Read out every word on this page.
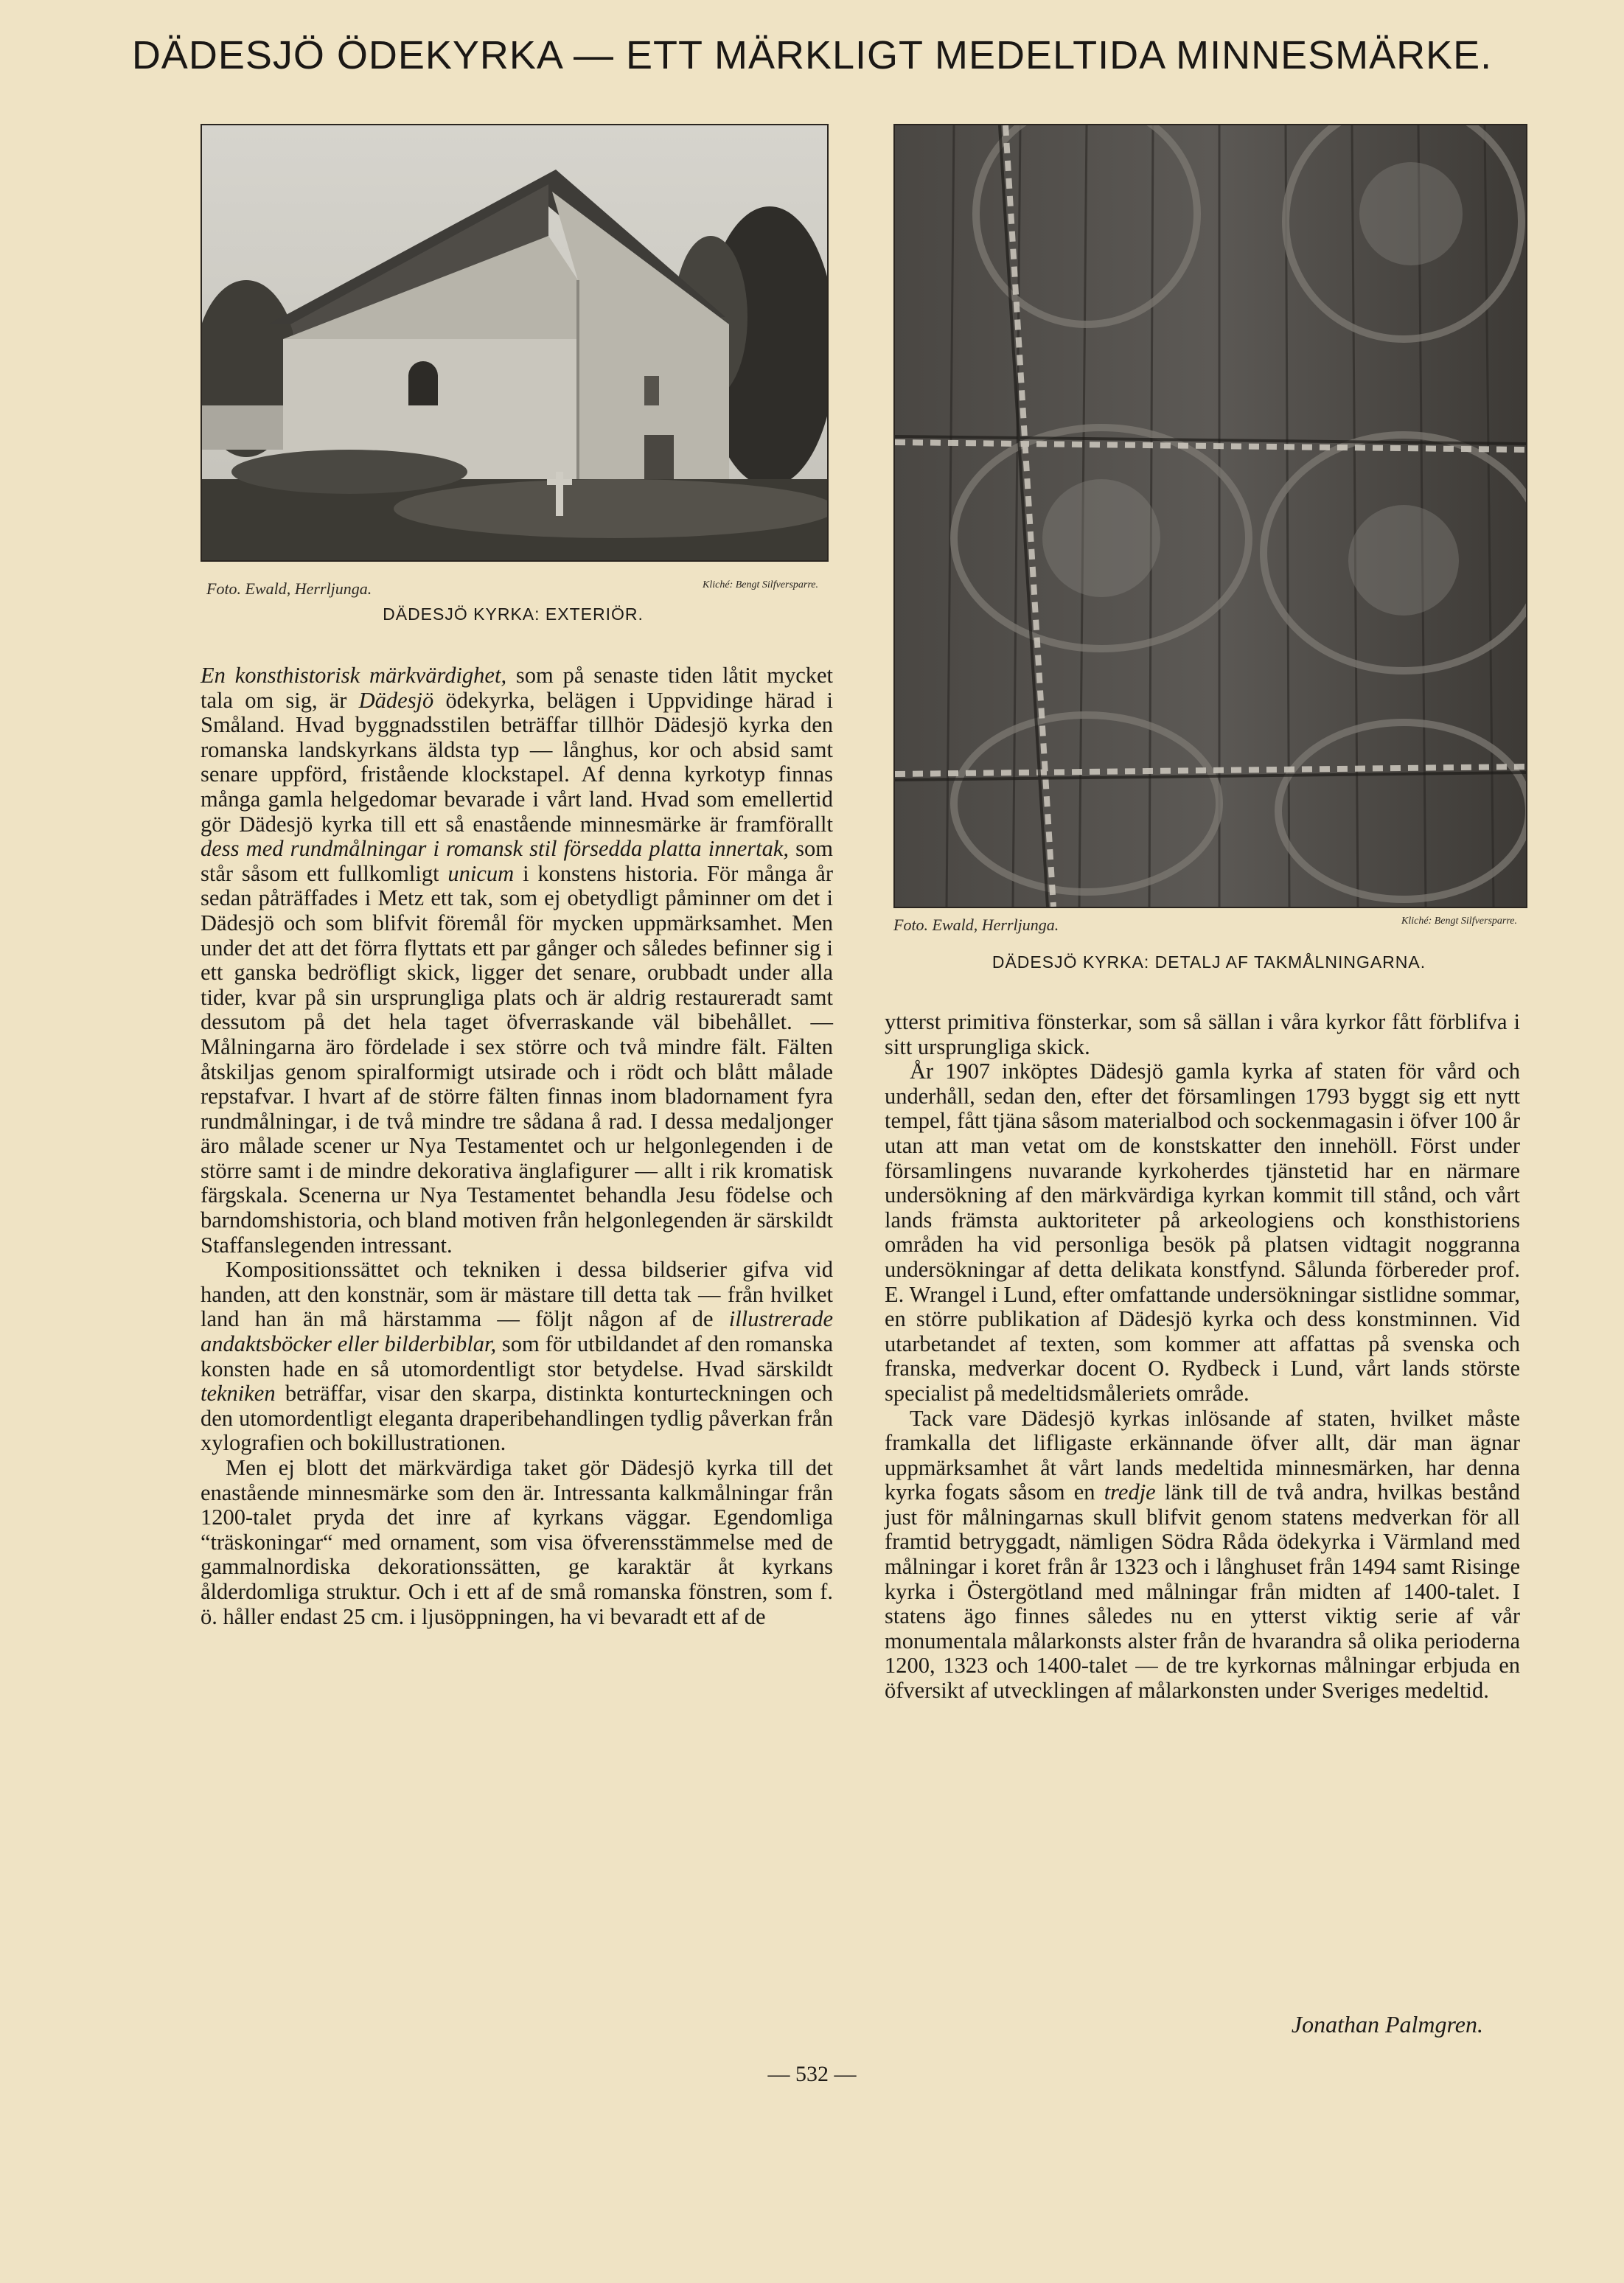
DÄDESJÖ ÖDEKYRKA — ETT MÄRKLIGT MEDELTIDA MINNESMÄRKE.
Foto. Ewald, Herrljunga.	Kliché: Bengt Silfversparre.
DÄDESJÖ KYRKA: EXTERIÖR.
Foto. Ewald, Herrljunga.	Kliché: Bengt Silfversparre.
DÄDESJÖ KYRKA: DETALJ AF TAKMÅLNINGARNA.

En konsthistorisk märkvärdighet, som på senaste tiden låtit mycket tala om sig, är Dädesjö ödekyrka, belägen i Uppvidinge härad i Småland. Hvad byggnadsstilen beträffar tillhör Dädesjö kyrka den romanska landskyrkans äldsta typ — långhus, kor och absid samt senare uppförd, fristående klockstapel. Af denna kyrkotyp finnas många gamla helgedomar bevarade i vårt land. Hvad som emellertid gör Dädesjö kyrka till ett så enastående minnesmärke är framförallt dess med rundmålningar i romansk stil försedda platta innertak, som står såsom ett fullkomligt unicum i konstens historia. För många år sedan påträffades i Metz ett tak, som ej obetydligt påminner om det i Dädesjö och som blifvit föremål för mycken uppmärksamhet. Men under det att det förra flyttats ett par gånger och således befinner sig i ett ganska bedröfligt skick, ligger det senare, orubbadt under alla tider, kvar på sin ursprungliga plats och är aldrig restaureradt samt dessutom på det hela taget öfverraskande väl bibehållet. — Målningarna äro fördelade i sex större och två mindre fält. Fälten åtskiljas genom spiralformigt utsirade och i rödt och blått målade repstafvar. I hvart af de större fälten finnas inom bladornament fyra rundmålningar, i de två mindre tre sådana å rad. I dessa medaljonger äro målade scener ur Nya Testamentet och ur helgonlegenden i de större samt i de mindre dekorativa änglafigurer — allt i rik kromatisk färgskala. Scenerna ur Nya Testamentet behandla Jesu födelse och barndomshistoria, och bland motiven från helgonlegenden är särskildt Staffanslegenden intressant.

Kompositionssättet och tekniken i dessa bildserier gifva vid handen, att den konstnär, som är mästare till detta tak — från hvilket land han än må härstamma — följt någon af de illustrerade andaktsböcker eller bilderbiblar, som för utbildandet af den romanska konsten hade en så utomordentligt stor betydelse. Hvad särskildt tekniken beträffar, visar den skarpa, distinkta konturteckningen och den utomordentligt eleganta draperibehandlingen tydlig påverkan från xylografien och bokillustrationen.

Men ej blott det märkvärdiga taket gör Dädesjö kyrka till det enastående minnesmärke som den är. Intressanta kalkmålningar från 1200-talet pryda det inre af kyrkans väggar. Egendomliga “träskoningar“ med ornament, som visa öfverensstämmelse med de gammalnordiska dekorationssätten, ge karaktär åt kyrkans ålderdomliga struktur. Och i ett af de små romanska fönstren, som f. ö. håller endast 25 cm. i ljusöppningen, ha vi bevaradt ett af de

ytterst primitiva fönsterkar, som så sällan i våra kyrkor fått förblifva i sitt ursprungliga skick.

År 1907 inköptes Dädesjö gamla kyrka af staten för vård och underhåll, sedan den, efter det församlingen 1793 byggt sig ett nytt tempel, fått tjäna såsom materialbod och sockenmagasin i öfver 100 år utan att man vetat om de konstskatter den innehöll. Först under församlingens nuvarande kyrkoherdes tjänstetid har en närmare undersökning af den märkvärdiga kyrkan kommit till stånd, och vårt lands främsta auktoriteter på arkeologiens och konsthistoriens områden ha vid personliga besök på platsen vidtagit noggranna undersökningar af detta delikata konstfynd. Sålunda förbereder prof. E. Wrangel i Lund, efter omfattande undersökningar sistlidne sommar, en större publikation af Dädesjö kyrka och dess konstminnen. Vid utarbetandet af texten, som kommer att affattas på svenska och franska, medverkar docent O. Rydbeck i Lund, vårt lands störste specialist på medeltidsmåleriets område.

Tack vare Dädesjö kyrkas inlösande af staten, hvilket måste framkalla det lifligaste erkännande öfver allt, där man ägnar uppmärksamhet åt vårt lands medeltida minnesmärken, har denna kyrka fogats såsom en tredje länk till de två andra, hvilkas bestånd just för målningarnas skull blifvit genom statens medverkan för all framtid betryggadt, nämligen Södra Råda ödekyrka i Värmland med målningar i koret från år 1323 och i långhuset från 1494 samt Risinge kyrka i Östergötland med målningar från midten af 1400-talet. I statens ägo finnes således nu en ytterst viktig serie af vår monumentala målarkonsts alster från de hvarandra så olika perioderna 1200, 1323 och 1400-talet — de tre kyrkornas målningar erbjuda en öfversikt af utvecklingen af målarkonsten under Sveriges medeltid.

Jonathan Palmgren.
— 532 —
